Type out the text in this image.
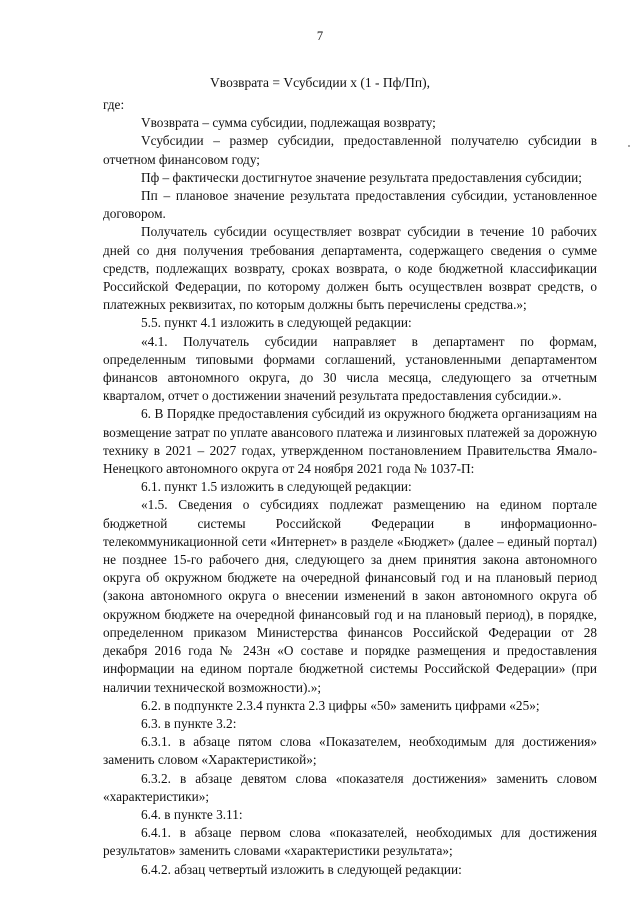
7
Vвозврата = Vсубсидии х (1 - Пф/Пп),

где:

Vвозврата – сумма субсидии, подлежащая возврату;

Vсубсидии – размер субсидии, предоставленной получателю субсидии в отчетном финансовом году;

Пф – фактически достигнутое значение результата предоставления субсидии;

Пп – плановое значение результата предоставления субсидии, установленное договором.

Получатель субсидии осуществляет возврат субсидии в течение 10 рабочих дней со дня получения требования департамента, содержащего сведения о сумме средств, подлежащих возврату, сроках возврата, о коде бюджетной классификации Российской Федерации, по которому должен быть осуществлен возврат средств, о платежных реквизитах, по которым должны быть перечислены средства.»;

5.5. пункт 4.1 изложить в следующей редакции:

«4.1. Получатель субсидии направляет в департамент по формам, определенным типовыми формами соглашений, установленными департаментом финансов автономного округа, до 30 числа месяца, следующего за отчетным кварталом, отчет о достижении значений результата предоставления субсидии.».

6. В Порядке предоставления субсидий из окружного бюджета организациям на возмещение затрат по уплате авансового платежа и лизинговых платежей за дорожную технику в 2021 – 2027 годах, утвержденном постановлением Правительства Ямало-Ненецкого автономного округа от 24 ноября 2021 года № 1037-П:

6.1. пункт 1.5 изложить в следующей редакции:

«1.5. Сведения о субсидиях подлежат размещению на едином портале бюджетной системы Российской Федерации в информационно-телекоммуникационной сети «Интернет» в разделе «Бюджет» (далее – единый портал) не позднее 15-го рабочего дня, следующего за днем принятия закона автономного округа об окружном бюджете на очередной финансовый год и на плановый период (закона автономного округа о внесении изменений в закон автономного округа об окружном бюджете на очередной финансовый год и на плановый период), в порядке, определенном приказом Министерства финансов Российской Федерации от 28 декабря 2016 года № 243н «О составе и порядке размещения и предоставления информации на едином портале бюджетной системы Российской Федерации» (при наличии технической возможности).»;

6.2. в подпункте 2.3.4 пункта 2.3 цифры «50» заменить цифрами «25»;

6.3. в пункте 3.2:

6.3.1. в абзаце пятом слова «Показателем, необходимым для достижения» заменить словом «Характеристикой»;

6.3.2. в абзаце девятом слова «показателя достижения» заменить словом «характеристики»;

6.4. в пункте 3.11:

6.4.1. в абзаце первом слова «показателей, необходимых для достижения результатов» заменить словами «характеристики результата»;

6.4.2. абзац четвертый изложить в следующей редакции:
